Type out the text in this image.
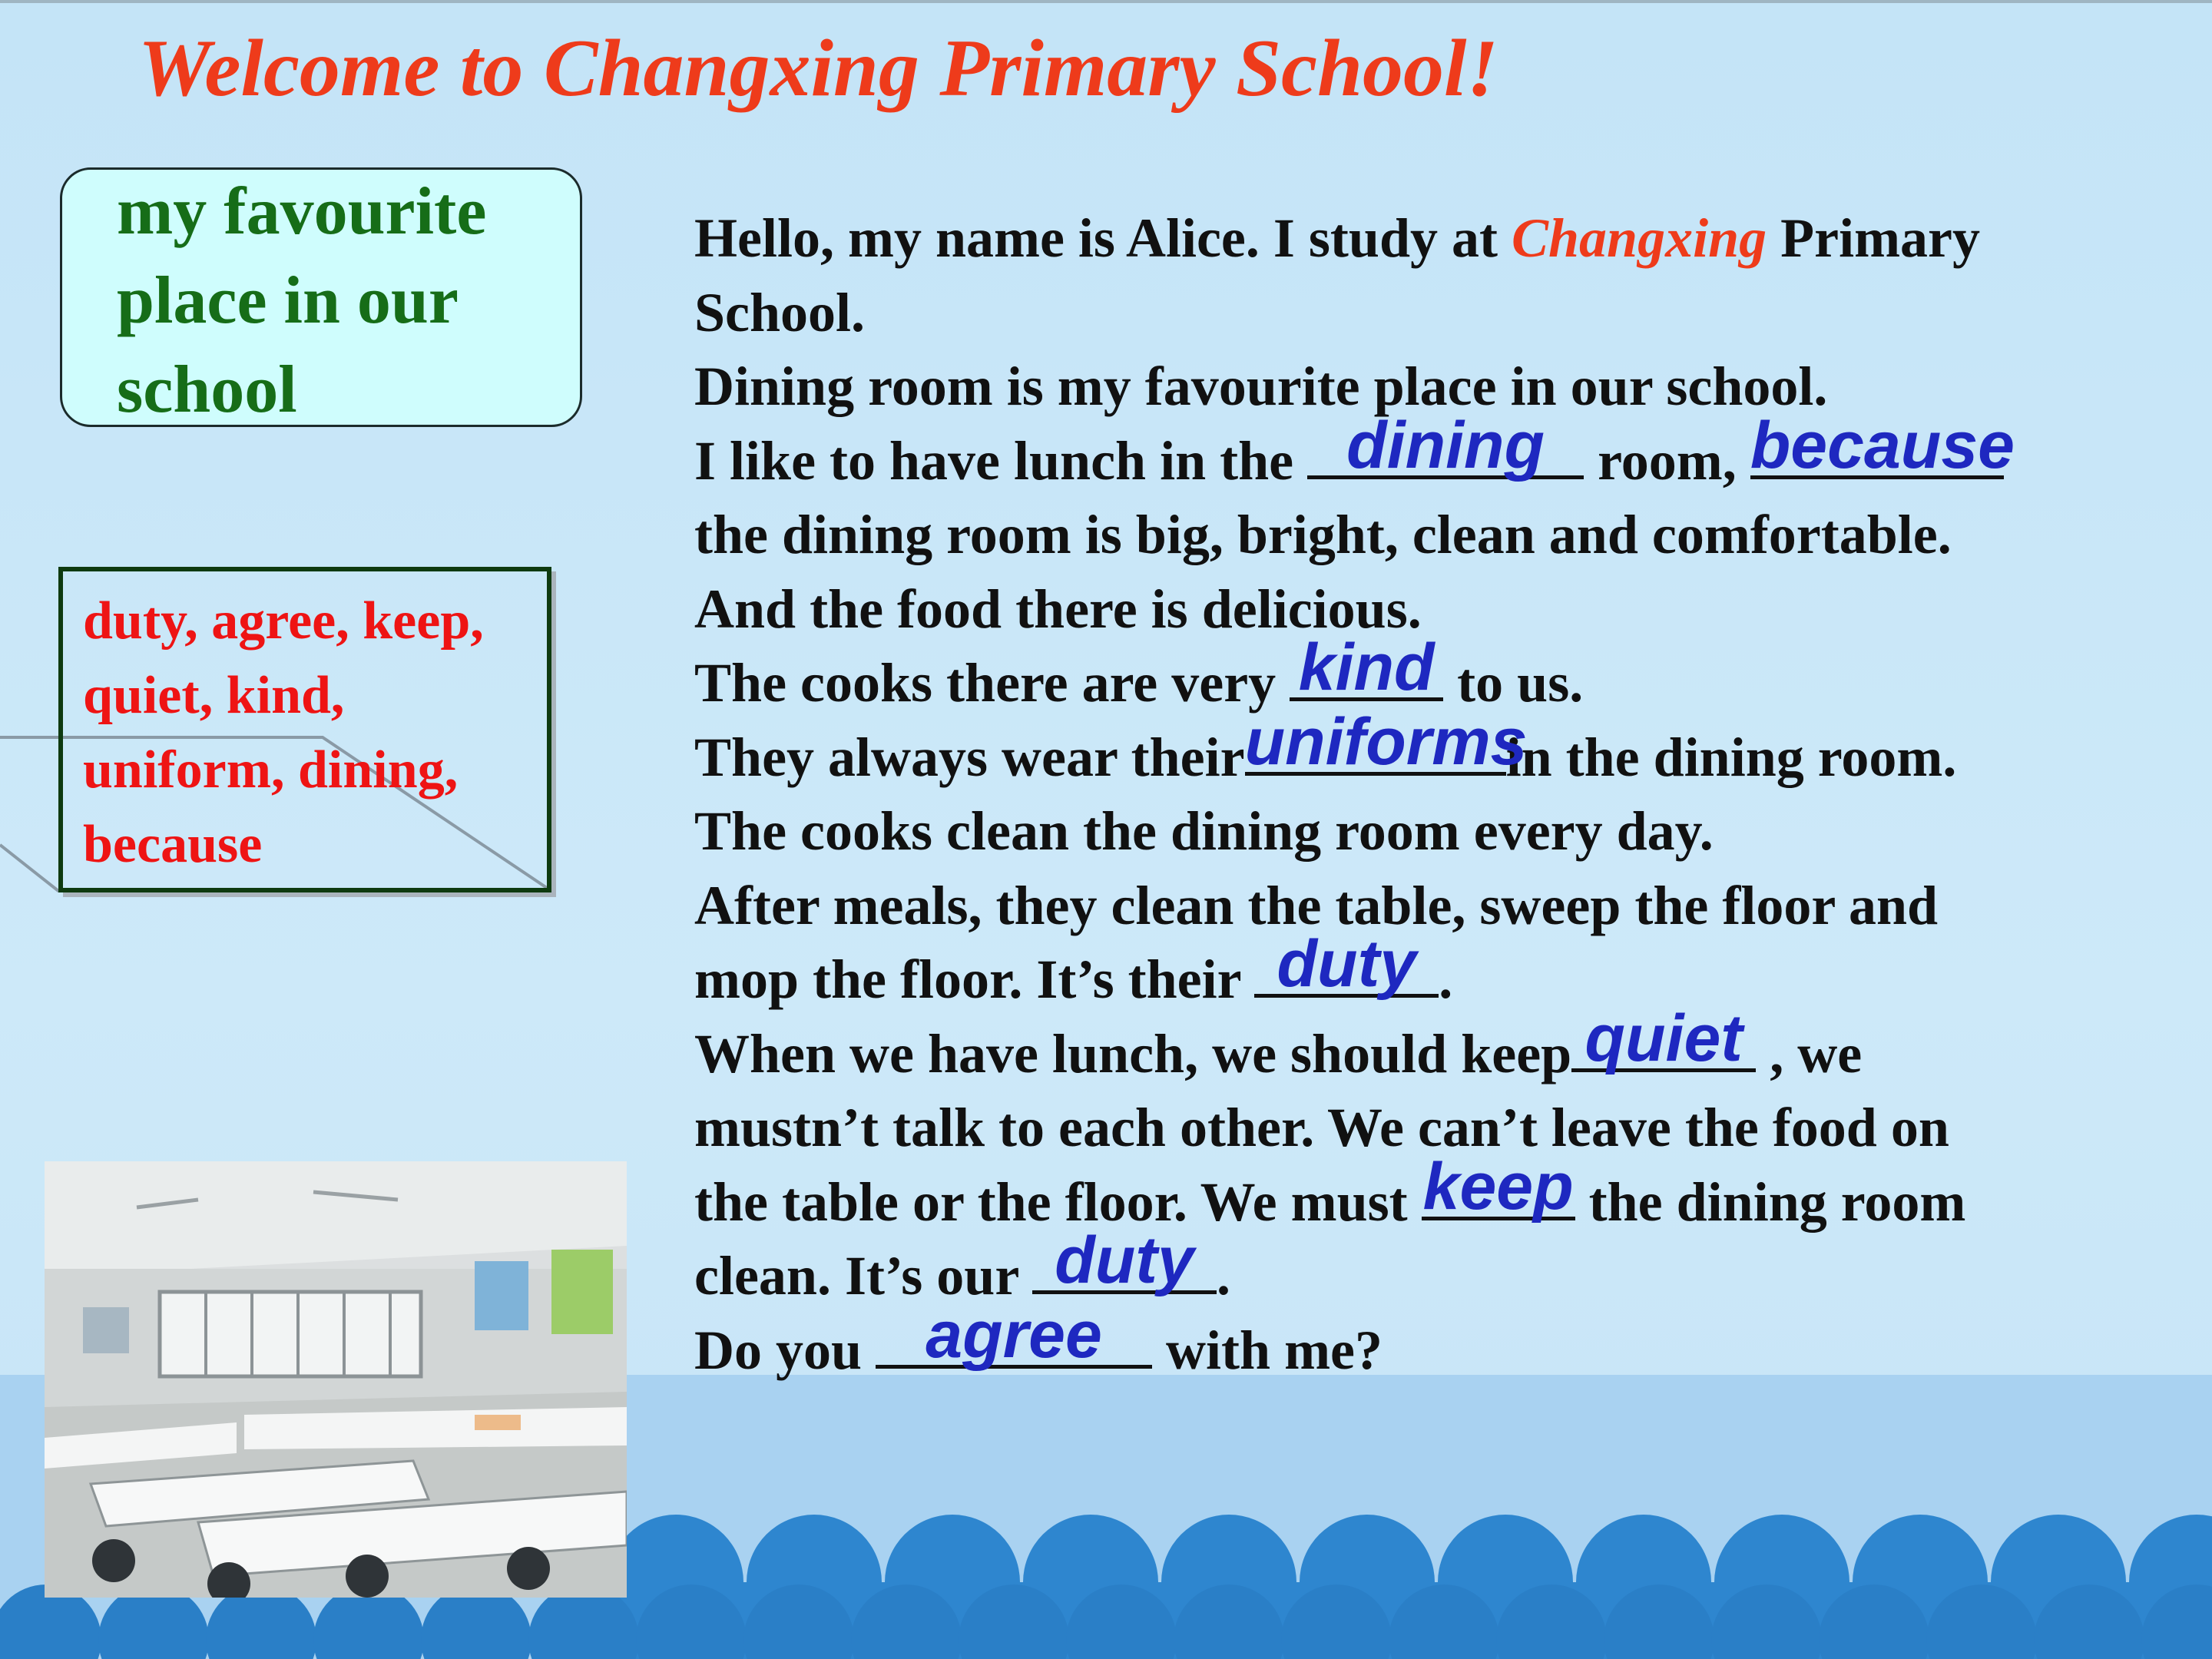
Welcome to Changxing Primary School!
my favourite
place in our
school
duty, agree, keep,
quiet, kind,
uniform, dining,
because
Hello, my name is Alice. I study at Changxing Primary
School.
Dining room is my favourite place in our school.
I like to have lunch in the dining room, because
the dining room is big, bright, clean and comfortable.
And the food there is delicious.
The cooks there are very kind to us.
They always wear their uniforms
in the dining room.
The cooks clean the dining room every day.
After meals, they clean the table, sweep the floor and
mop the floor. It’s their duty .
When we have lunch, we should keep quiet , we
mustn’t talk to each other. We can’t leave the food on
the table or the floor. We must keep the dining room
clean. It’s our duty .
Do you agree with me?
